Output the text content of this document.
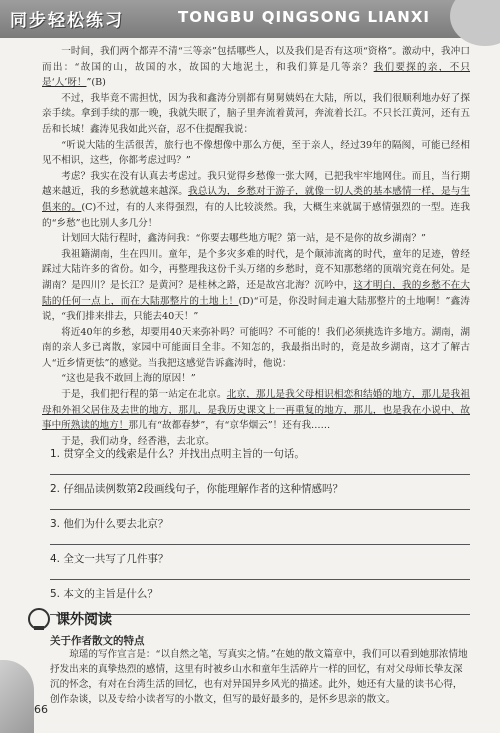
同步轻松练习	TONGBU QINGSONG LIANXI

一时间，我们两个都弄不清“三等亲”包括哪些人，以及我们是否有这项“资格”。激动中，我冲口而出：“故国的山，故国的水，故国的大地泥土，和我们算是几等亲？我们要探的亲，不只是‘人’呀！”(B)

不过，我毕竟不需担忧，因为我和鑫涛分别都有舅舅姨妈在大陆，所以，我们很顺利地办好了探亲手续。拿到手续的那一晚，我就失眠了，脑子里奔流着黄河，奔流着长江。不只长江黄河，还有五岳和长城！鑫涛见我如此兴奋，忍不住提醒我说：

“听说大陆的生活很苦，旅行也不像想像中那么方便，至于亲人，经过39年的隔阂，可能已经相见不相识，这些，你都考虑过吗？”

考虑？我实在没有认真去考虑过。我只觉得乡愁像一张大网，已把我牢牢地网住。而且，当行期越来越近，我的乡愁就越来越深。我总认为，乡愁对于游子，就像一切人类的基本感情一样，是与生俱来的。(C)不过，有的人来得强烈，有的人比较淡然。我，大概生来就属于感情强烈的一型。连我的“乡愁”也比别人多几分！

计划回大陆行程时，鑫涛问我：“你要去哪些地方呢？第一站，是不是你的故乡湖南？”

我祖籍湖南，生在四川。童年，是个多灾多难的时代，是个颠沛流离的时代，童年的足迹，曾经踩过大陆许多的省份。如今，再整理我这份千头万绪的乡愁时，竟不知那愁绪的顶端究竟在何处。是湖南？是四川？是长江？是黄河？是桂林之路，还是故宫北海？沉吟中，这才明白，我的乡愁不在大陆的任何一点上，而在大陆那整片的土地上！(D)“可是，你没时间走遍大陆那整片的土地啊！”鑫涛说，“我们排来排去，只能去40天！”

将近40年的乡愁，却要用40天来弥补吗？可能吗？不可能的！我们必须挑选许多地方。湖南，湖南的亲人多已离散，家园中可能面目全非。不知怎的，我最指出时的，竟是故乡湖南，这才了解古人“近乡情更怯”的感觉。当我把这感觉告诉鑫涛时，他说：

“这也是我不敢回上海的原因！”

于是，我们把行程的第一站定在北京。北京，那儿是我父母相识相恋和结婚的地方，那儿是我祖母和外祖父居住及去世的地方，那儿，是我历史课文上一再重复的地方，那儿，也是我在小说中、故事中所熟读的地方！那儿有“故都春梦”，有“京华烟云”！还有我……

于是，我们动身，经香港，去北京。

1. 贯穿全文的线索是什么？并找出点明主旨的一句话。
2. 仔细品读例数第2段画线句子，你能理解作者的这种情感吗？
3. 他们为什么要去北京？
4. 全文一共写了几件事？
5. 本文的主旨是什么？
课外阅读
关于作者散文的特点

琼瑶的写作宣言是：“以自然之笔，写真实之情。”在她的散文篇章中，我们可以看到她那浓情地抒发出来的真挚热烈的感情，这里有时被乡山水和童年生活碎片一样的回忆，有对父母师长挚友深沉的怀念，有对在台湾生活的回忆，也有对异国异乡风光的描述。此外，她还有大量的读书心得，创作杂谈，以及专给小读者写的小散文，但写的最好最多的，是怀乡思亲的散文。

66
